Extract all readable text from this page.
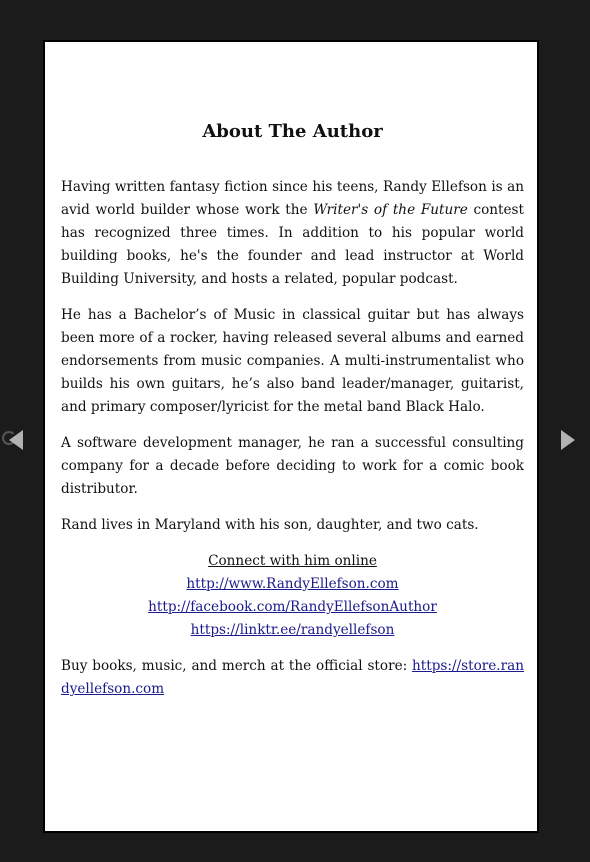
About The Author

Having written fantasy fiction since his teens, Randy Ellefson is an avid world builder whose work the Writer's of the Future contest has recognized three times. In addition to his popular world building books, he's the founder and lead instructor at World Building University, and hosts a related, popular podcast.

He has a Bachelor’s of Music in classical guitar but has always been more of a rocker, having released several albums and earned endorsements from music companies. A multi-instrumentalist who builds his own guitars, he’s also band leader/manager, guitarist, and primary composer/lyricist for the metal band Black Halo.

A software development manager, he ran a successful consulting company for a decade before deciding to work for a comic book distributor.

Rand lives in Maryland with his son, daughter, and two cats.

Connect with him online
http://www.RandyEllefson.com
http://facebook.com/RandyEllefsonAuthor
https://linktr.ee/randyellefson

Buy books, music, and merch at the official store: https://store.randyellefson.com
